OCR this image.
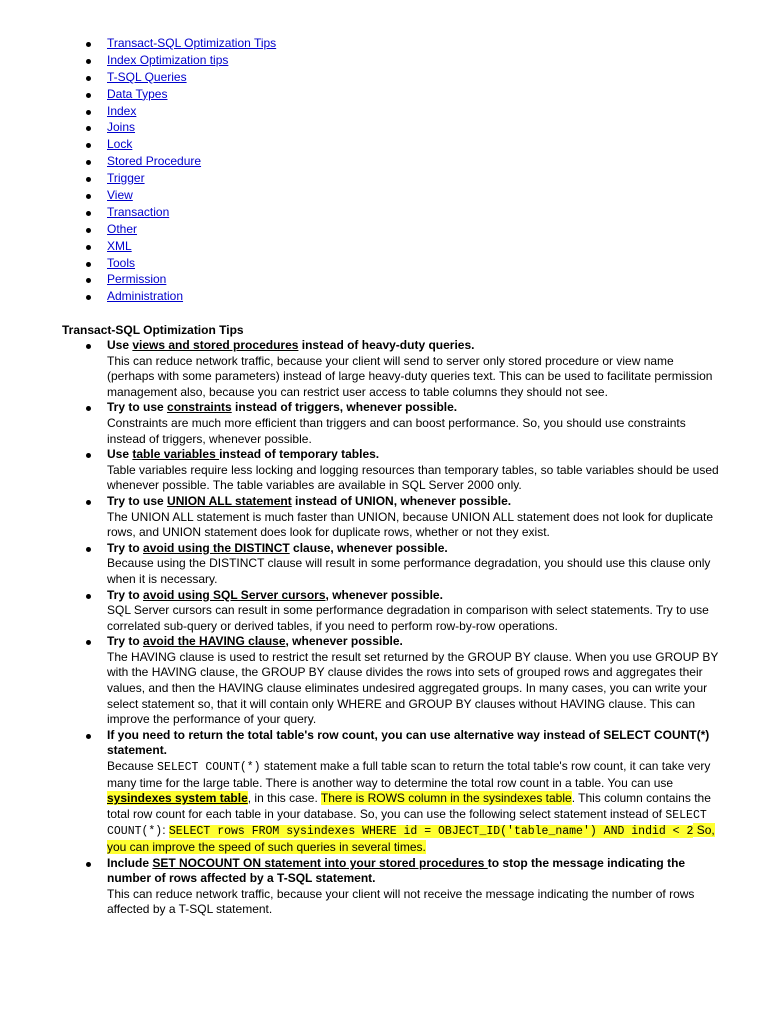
Transact-SQL Optimization Tips
Index Optimization tips
T-SQL Queries
Data Types
Index
Joins
Lock
Stored Procedure
Trigger
View
Transaction
Other
XML
Tools
Permission
Administration
Transact-SQL Optimization Tips
Use views and stored procedures instead of heavy-duty queries.
This can reduce network traffic, because your client will send to server only stored procedure or view name (perhaps with some parameters) instead of large heavy-duty queries text. This can be used to facilitate permission management also, because you can restrict user access to table columns they should not see.
Try to use constraints instead of triggers, whenever possible.
Constraints are much more efficient than triggers and can boost performance. So, you should use constraints instead of triggers, whenever possible.
Use table variables instead of temporary tables.
Table variables require less locking and logging resources than temporary tables, so table variables should be used whenever possible. The table variables are available in SQL Server 2000 only.
Try to use UNION ALL statement instead of UNION, whenever possible.
The UNION ALL statement is much faster than UNION, because UNION ALL statement does not look for duplicate rows, and UNION statement does look for duplicate rows, whether or not they exist.
Try to avoid using the DISTINCT clause, whenever possible.
Because using the DISTINCT clause will result in some performance degradation, you should use this clause only when it is necessary.
Try to avoid using SQL Server cursors, whenever possible.
SQL Server cursors can result in some performance degradation in comparison with select statements. Try to use correlated sub-query or derived tables, if you need to perform row-by-row operations.
Try to avoid the HAVING clause, whenever possible.
The HAVING clause is used to restrict the result set returned by the GROUP BY clause. When you use GROUP BY with the HAVING clause, the GROUP BY clause divides the rows into sets of grouped rows and aggregates their values, and then the HAVING clause eliminates undesired aggregated groups. In many cases, you can write your select statement so, that it will contain only WHERE and GROUP BY clauses without HAVING clause. This can improve the performance of your query.
If you need to return the total table's row count, you can use alternative way instead of SELECT COUNT(*) statement.
Because SELECT COUNT(*) statement make a full table scan to return the total table's row count, it can take very many time for the large table. There is another way to determine the total row count in a table. You can use sysindexes system table, in this case. There is ROWS column in the sysindexes table. This column contains the total row count for each table in your database. So, you can use the following select statement instead of SELECT COUNT(*): SELECT rows FROM sysindexes WHERE id = OBJECT_ID('table_name') AND indid < 2 So, you can improve the speed of such queries in several times.
Include SET NOCOUNT ON statement into your stored procedures to stop the message indicating the number of rows affected by a T-SQL statement.
This can reduce network traffic, because your client will not receive the message indicating the number of rows affected by a T-SQL statement.
